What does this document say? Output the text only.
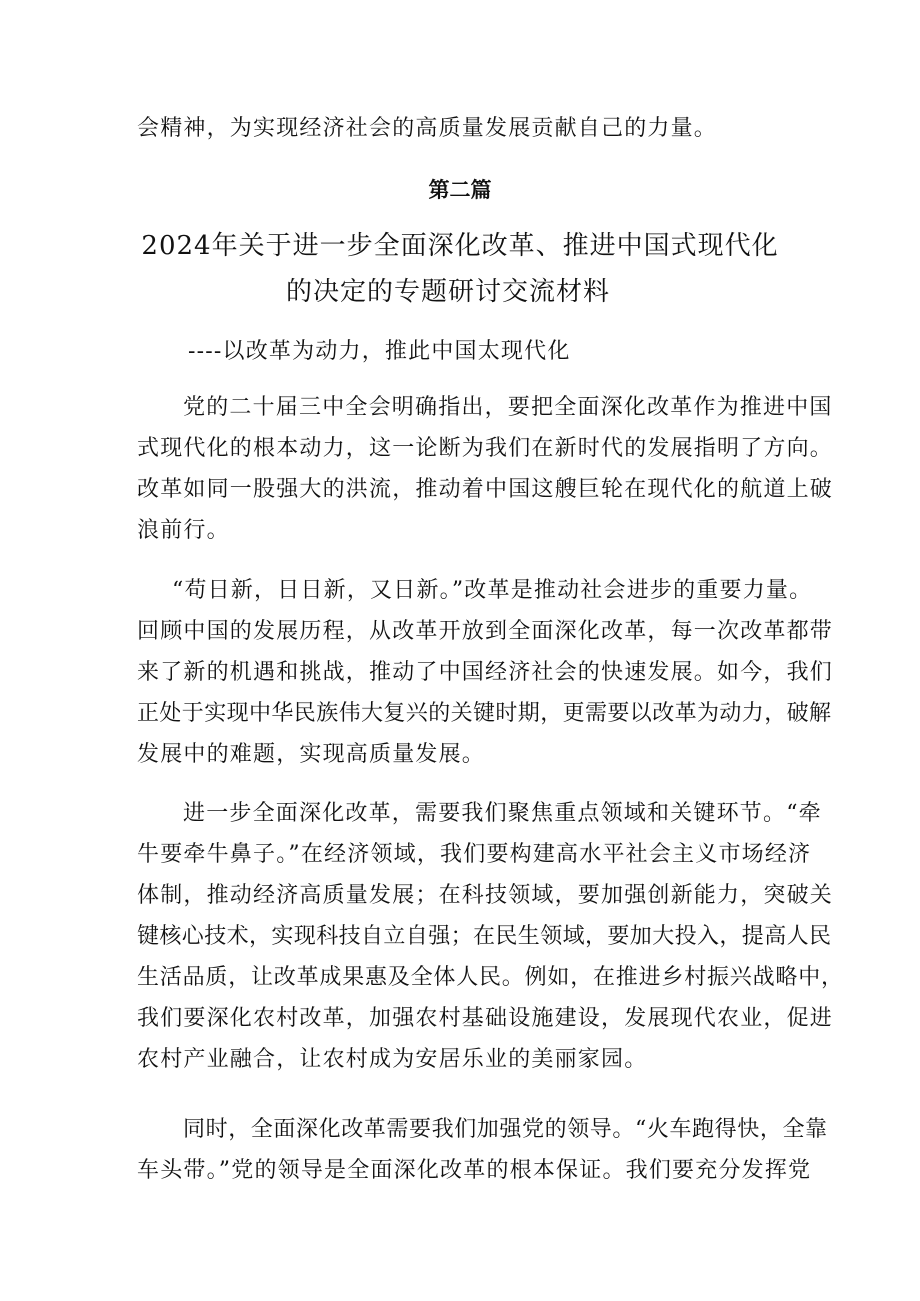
会精神，为实现经济社会的高质量发展贡献自己的力量。
第二篇
2024年关于进一步全面深化改革、推进中国式现代化
的决定的专题研讨交流材料
----以改革为动力，推此中国太现代化
党的二十届三中全会明确指出，要把全面深化改革作为推进中国
式现代化的根本动力，这一论断为我们在新时代的发展指明了方向。
改革如同一股强大的洪流，推动着中国这艘巨轮在现代化的航道上破
浪前行。
“苟日新，日日新，又日新。”改革是推动社会进步的重要力量。
回顾中国的发展历程，从改革开放到全面深化改革，每一次改革都带
来了新的机遇和挑战，推动了中国经济社会的快速发展。如今，我们
正处于实现中华民族伟大复兴的关键时期，更需要以改革为动力，破解
发展中的难题，实现高质量发展。
进一步全面深化改革，需要我们聚焦重点领域和关键环节。“牵
牛要牵牛鼻子。”在经济领域，我们要构建高水平社会主义市场经济
体制，推动经济高质量发展；在科技领域，要加强创新能力，突破关
键核心技术，实现科技自立自强；在民生领域，要加大投入，提高人民
生活品质，让改革成果惠及全体人民。例如，在推进乡村振兴战略中，
我们要深化农村改革，加强农村基础设施建设，发展现代农业，促进
农村产业融合，让农村成为安居乐业的美丽家园。
同时，全面深化改革需要我们加强党的领导。“火车跑得快，全靠
车头带。”党的领导是全面深化改革的根本保证。我们要充分发挥党
